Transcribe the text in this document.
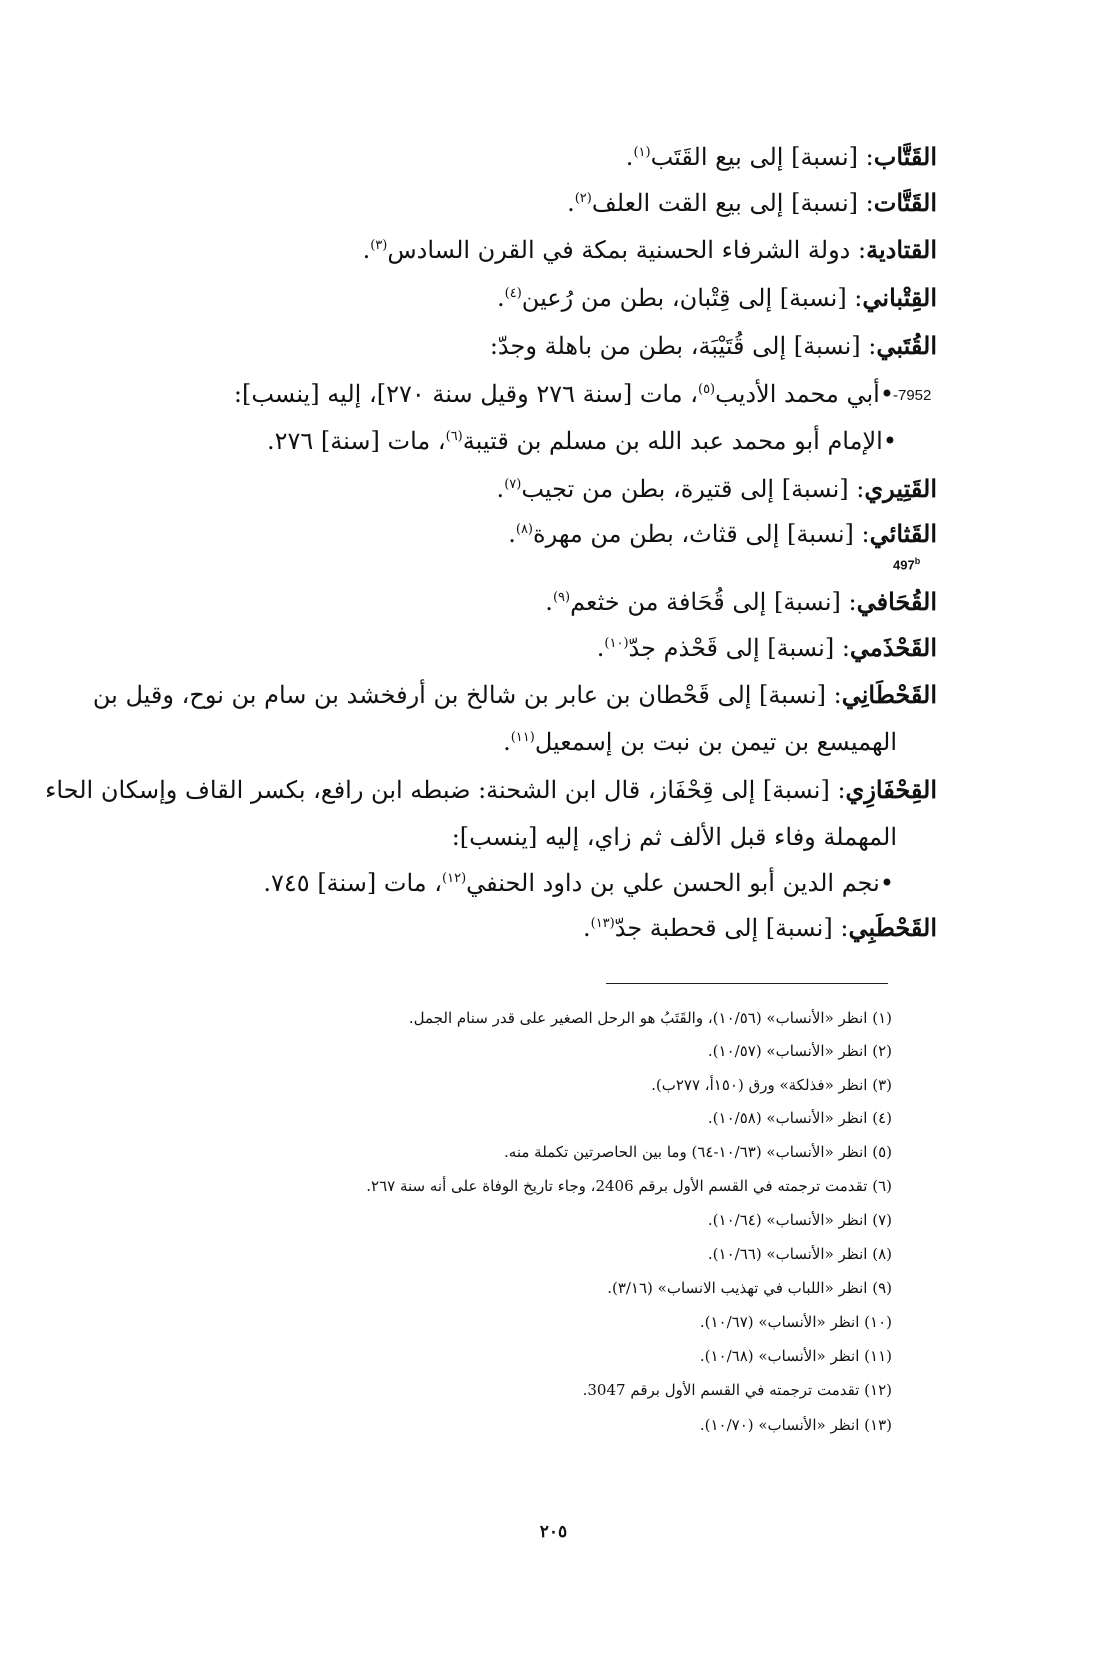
القَتَّاب: [نسبة] إلى بيع القَتَب$^{(١)}$.
القَتَّات: [نسبة] إلى بيع القت العلف$^{(٢)}$.
القتادية: دولة الشرفاء الحسنية بمكة في القرن السادس$^{(٣)}$.
القِتْباني: [نسبة] إلى قِتْبان، بطن من رُعين$^{(٤)}$.
القُتَبي: [نسبة] إلى قُتَيْبَة، بطن من باهلة وجدّ:
-7952
•أبي محمد الأديب$^{(٥)}$، مات [سنة ٢٧٦ وقيل سنة ٢٧٠]، إليه [ينسب]:
•الإمام أبو محمد عبد الله بن مسلم بن قتيبة$^{(٦)}$، مات [سنة] ٢٧٦.
القَتِيري: [نسبة] إلى قتيرة، بطن من تجيب$^{(٧)}$.
القَثائي: [نسبة] إلى قثاث، بطن من مهرة$^{(٨)}$.
497$^b$
القُحَافي: [نسبة] إلى قُحَافة من خثعم$^{(٩)}$.
القَحْذَمي: [نسبة] إلى قَحْذم جدّ$^{(١٠)}$.
القَحْطَانِي: [نسبة] إلى قَحْطان بن عابر بن شالخ بن أرفخشد بن سام بن نوح، وقيل بن
الهميسع بن تيمن بن نبت بن إسمعيل$^{(١١)}$.
القِحْفَازِي: [نسبة] إلى قِحْفَاز، قال ابن الشحنة: ضبطه ابن رافع، بكسر القاف وإسكان الحاء
المهملة وفاء قبل الألف ثم زاي، إليه [ينسب]:
•نجم الدين أبو الحسن علي بن داود الحنفي$^{(١٢)}$، مات [سنة] ٧٤٥.
القَحْطَبِي: [نسبة] إلى قحطبة جدّ$^{(١٣)}$.
(١) انظر «الأنساب» (١٠/٥٦)، والقَتَبُ هو الرحل الصغير على قدر سنام الجمل.
(٢) انظر «الأنساب» (١٠/٥٧).
(٣) انظر «فذلكة» ورق (١٥٠أ، ٢٧٧ب).
(٤) انظر «الأنساب» (١٠/٥٨).
(٥) انظر «الأنساب» (١٠/٦٣-٦٤) وما بين الحاصرتين تكملة منه.
(٦) تقدمت ترجمته في القسم الأول برقم 2406، وجاء تاريخ الوفاة على أنه سنة ٢٦٧.
(٧) انظر «الأنساب» (١٠/٦٤).
(٨) انظر «الأنساب» (١٠/٦٦).
(٩) انظر «اللباب في تهذيب الانساب» (٣/١٦).
(١٠) انظر «الأنساب» (١٠/٦٧).
(١١) انظر «الأنساب» (١٠/٦٨).
(١٢) تقدمت ترجمته في القسم الأول برقم 3047.
(١٣) انظر «الأنساب» (١٠/٧٠).
٢٠٥
